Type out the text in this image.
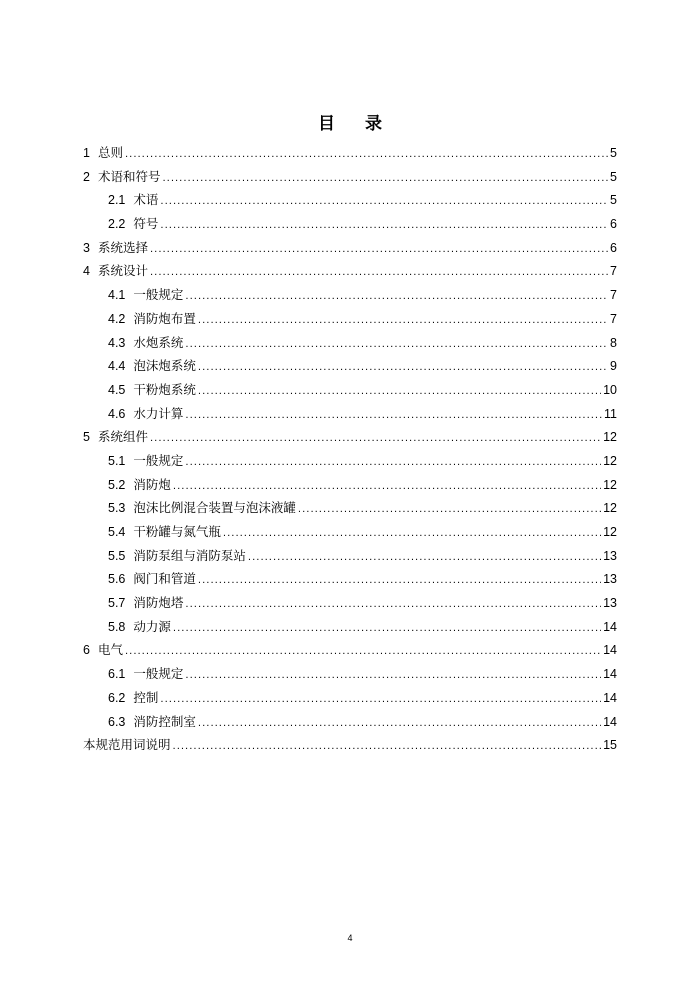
目 录
1 总则 .....	5
2 术语和符号 .....	5
2.1 术语 .....	5
2.2 符号 .....	6
3 系统选择 .....	6
4 系统设计 .....	7
4.1 一般规定 .....	7
4.2 消防炮布置 .....	7
4.3 水炮系统 .....	8
4.4 泡沫炮系统 .....	9
4.5 干粉炮系统 .....	10
4.6 水力计算 .....	11
5 系统组件 .....	12
5.1 一般规定 .....	12
5.2 消防炮 .....	12
5.3 泡沫比例混合装置与泡沫液罐 .....	12
5.4 干粉罐与氮气瓶 .....	12
5.5 消防泵组与消防泵站 .....	13
5.6 阀门和管道 .....	13
5.7 消防炮塔 .....	13
5.8 动力源 .....	14
6 电气 .....	14
6.1 一般规定 .....	14
6.2 控制 .....	14
6.3 消防控制室 .....	14
本规范用词说明 .....	15
4
